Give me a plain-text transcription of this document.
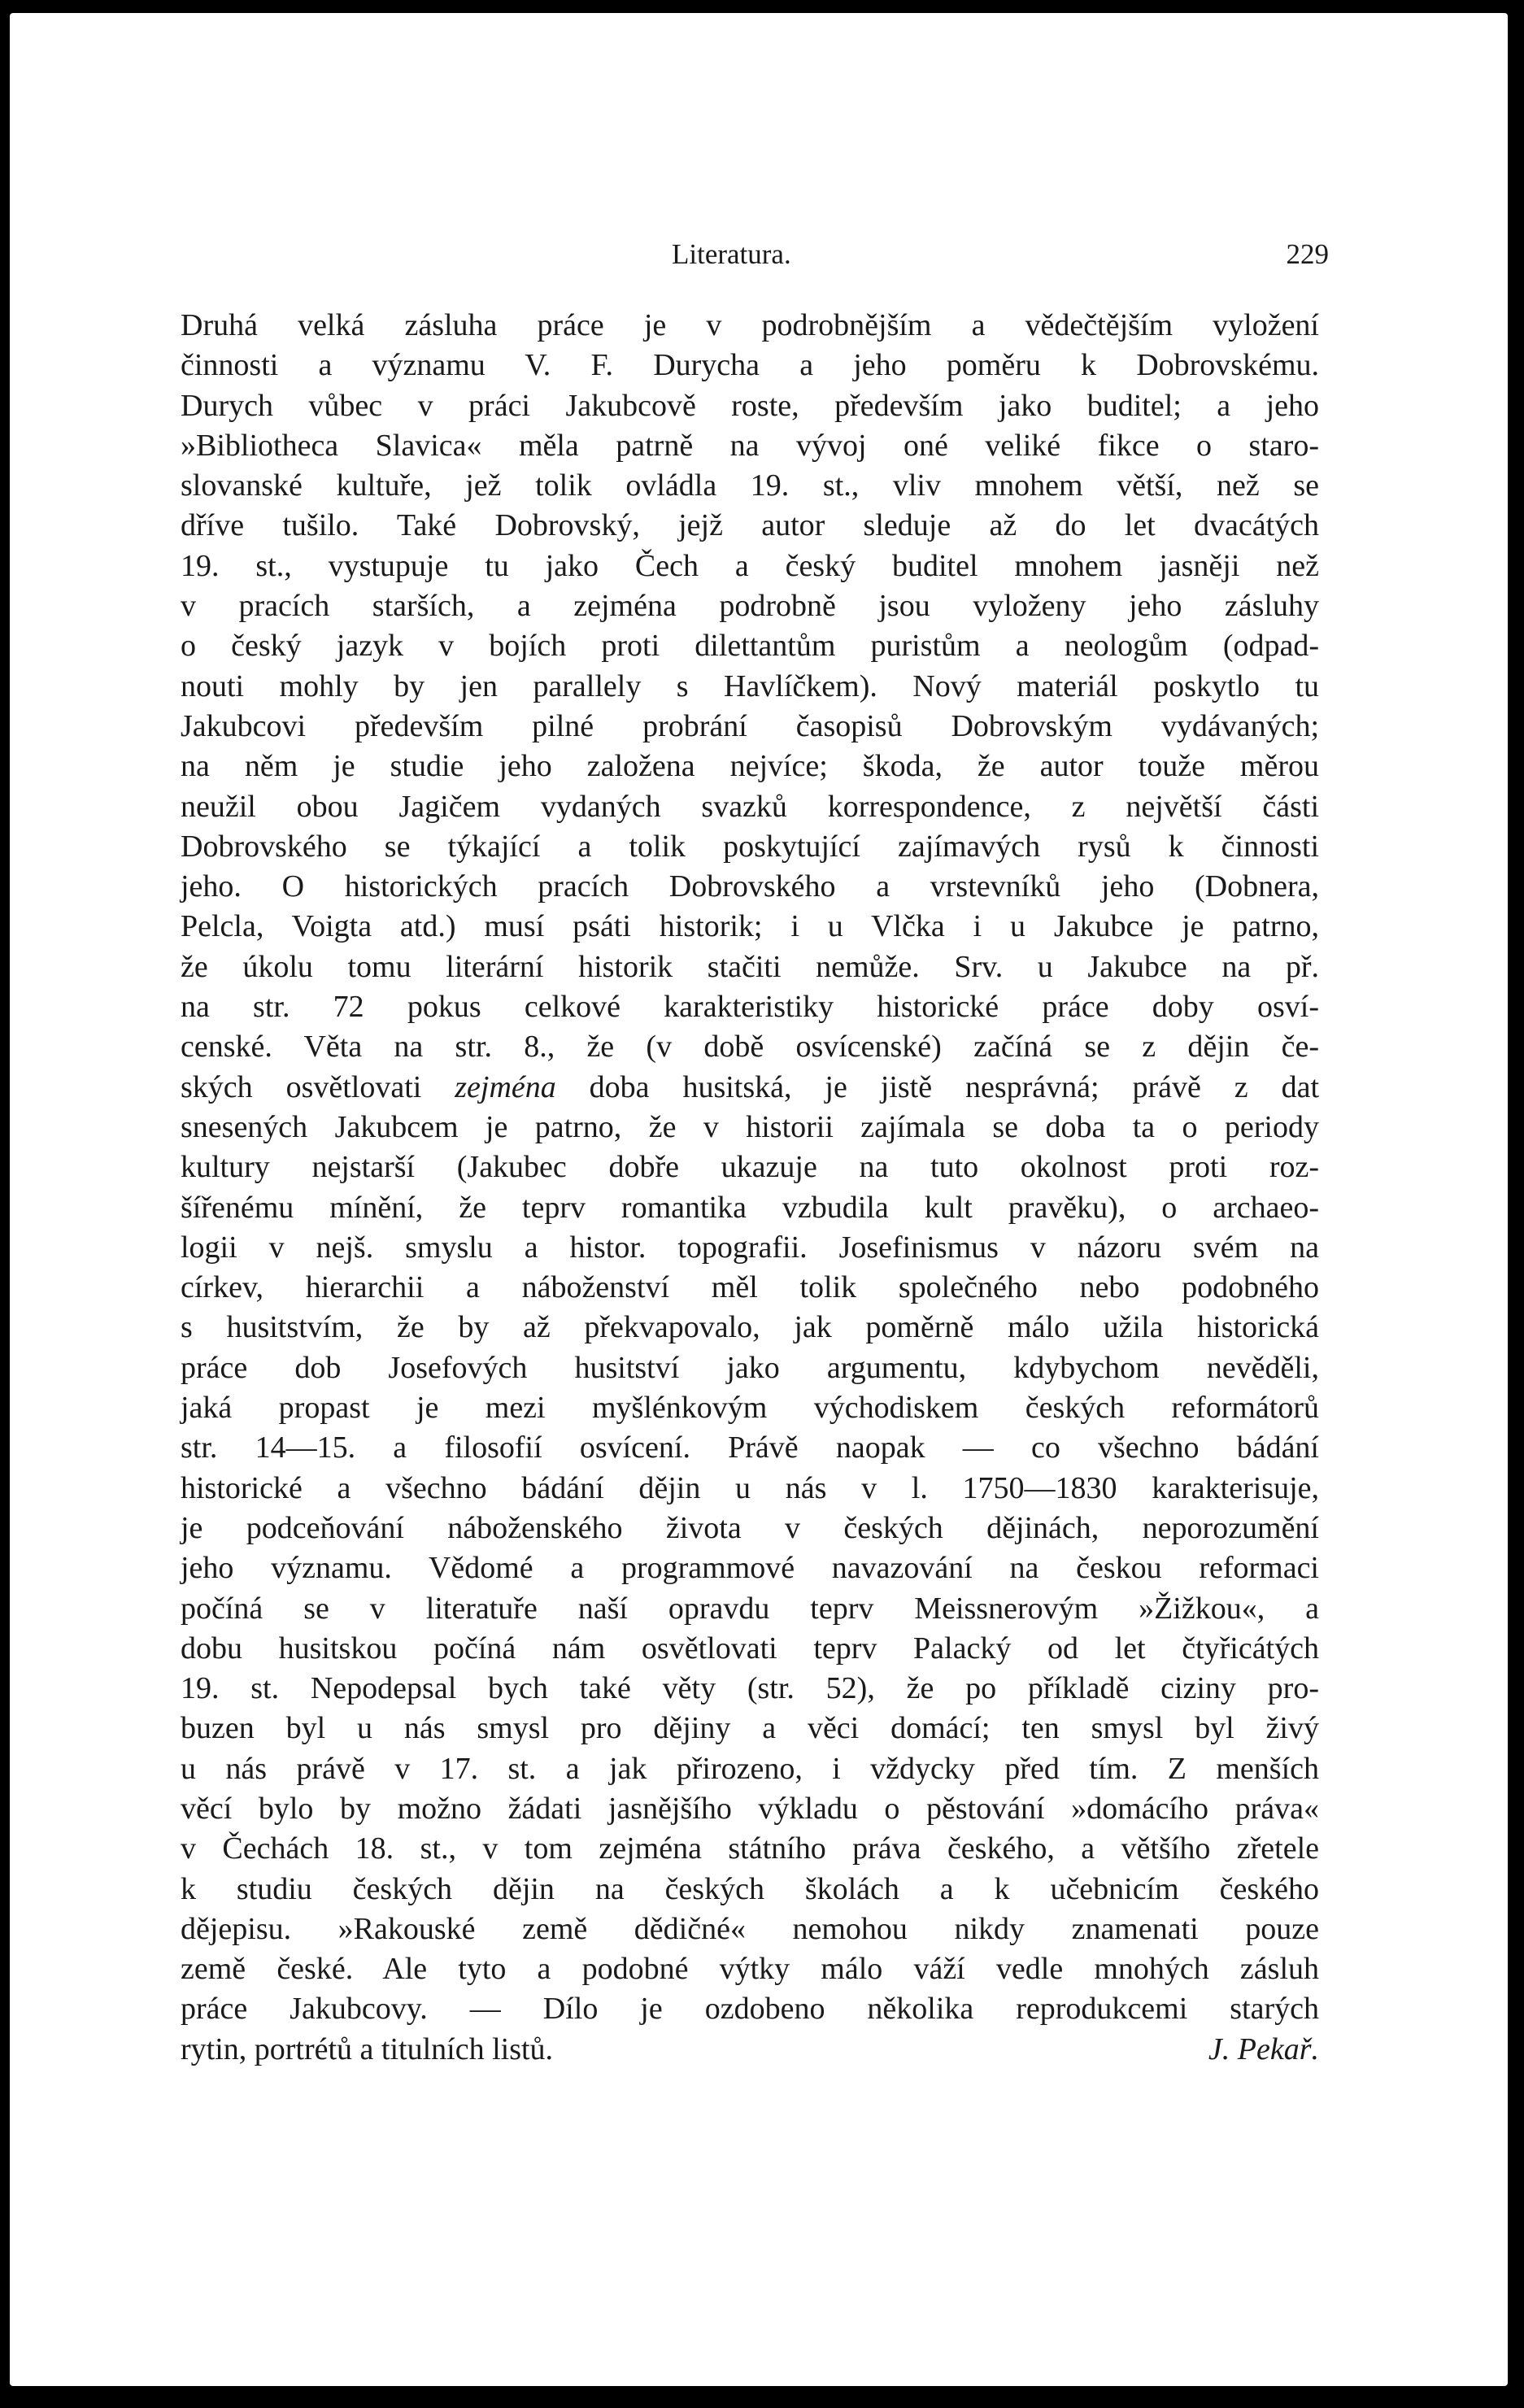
Literatura.	229
Druhá velká zásluha práce je v podrobnějším a vědečtějším vyložení
činnosti a významu V. F. Durycha a jeho poměru k Dobrovskému.
Durych vůbec v práci Jakubcově roste, především jako buditel; a jeho
»Bibliotheca Slavica« měla patrně na vývoj oné veliké fikce o staro-
slovanské kultuře, jež tolik ovládla 19. st., vliv mnohem větší, než se
dříve tušilo. Také Dobrovský, jejž autor sleduje až do let dvacátých
19. st., vystupuje tu jako Čech a český buditel mnohem jasněji než
v pracích starších, a zejména podrobně jsou vyloženy jeho zásluhy
o český jazyk v bojích proti dilettantům puristům a neologům (odpad-
nouti mohly by jen parallely s Havlíčkem). Nový materiál poskytlo tu
Jakubcovi především pilné probrání časopisů Dobrovským vydávaných;
na něm je studie jeho založena nejvíce; škoda, že autor touže měrou
neužil obou Jagičem vydaných svazků korrespondence, z největší části
Dobrovského se týkající a tolik poskytující zajímavých rysů k činnosti
jeho. O historických pracích Dobrovského a vrstevníků jeho (Dobnera,
Pelcla, Voigta atd.) musí psáti historik; i u Vlčka i u Jakubce je patrno,
že úkolu tomu literární historik stačiti nemůže. Srv. u Jakubce na př.
na str. 72 pokus celkové karakteristiky historické práce doby osví-
censké. Věta na str. 8., že (v době osvícenské) začíná se z dějin če-
ských osvětlovati zejména doba husitská, je jistě nesprávná; právě z dat
snesených Jakubcem je patrno, že v historii zajímala se doba ta o periody
kultury nejstarší (Jakubec dobře ukazuje na tuto okolnost proti roz-
šířenému mínění, že teprv romantika vzbudila kult pravěku), o archaeo-
logii v nejš. smyslu a histor. topografii. Josefinismus v názoru svém na
církev, hierarchii a náboženství měl tolik společného nebo podobného
s husitstvím, že by až překvapovalo, jak poměrně málo užila historická
práce dob Josefových husitství jako argumentu, kdybychom nevěděli,
jaká propast je mezi myšlénkovým východiskem českých reformátorů
str. 14—15. a filosofií osvícení. Právě naopak — co všechno bádání
historické a všechno bádání dějin u nás v l. 1750—1830 karakterisuje,
je podceňování náboženského života v českých dějinách, neporozumění
jeho významu. Vědomé a programmové navazování na českou reformaci
počíná se v literatuře naší opravdu teprv Meissnerovým »Žižkou«, a
dobu husitskou počíná nám osvětlovati teprv Palacký od let čtyřicátých
19. st. Nepodepsal bych také věty (str. 52), že po příkladě ciziny pro-
buzen byl u nás smysl pro dějiny a věci domácí; ten smysl byl živý
u nás právě v 17. st. a jak přirozeno, i vždycky před tím. Z menších
věcí bylo by možno žádati jasnějšího výkladu o pěstování »domácího práva«
v Čechách 18. st., v tom zejména státního práva českého, a většího zřetele
k studiu českých dějin na českých školách a k učebnicím českého
dějepisu. »Rakouské země dědičné« nemohou nikdy znamenati pouze
země české. Ale tyto a podobné výtky málo váží vedle mnohých zásluh
práce Jakubcovy. — Dílo je ozdobeno několika reprodukcemi starých
rytin, portrétů a titulních listů.	J. Pekař.
